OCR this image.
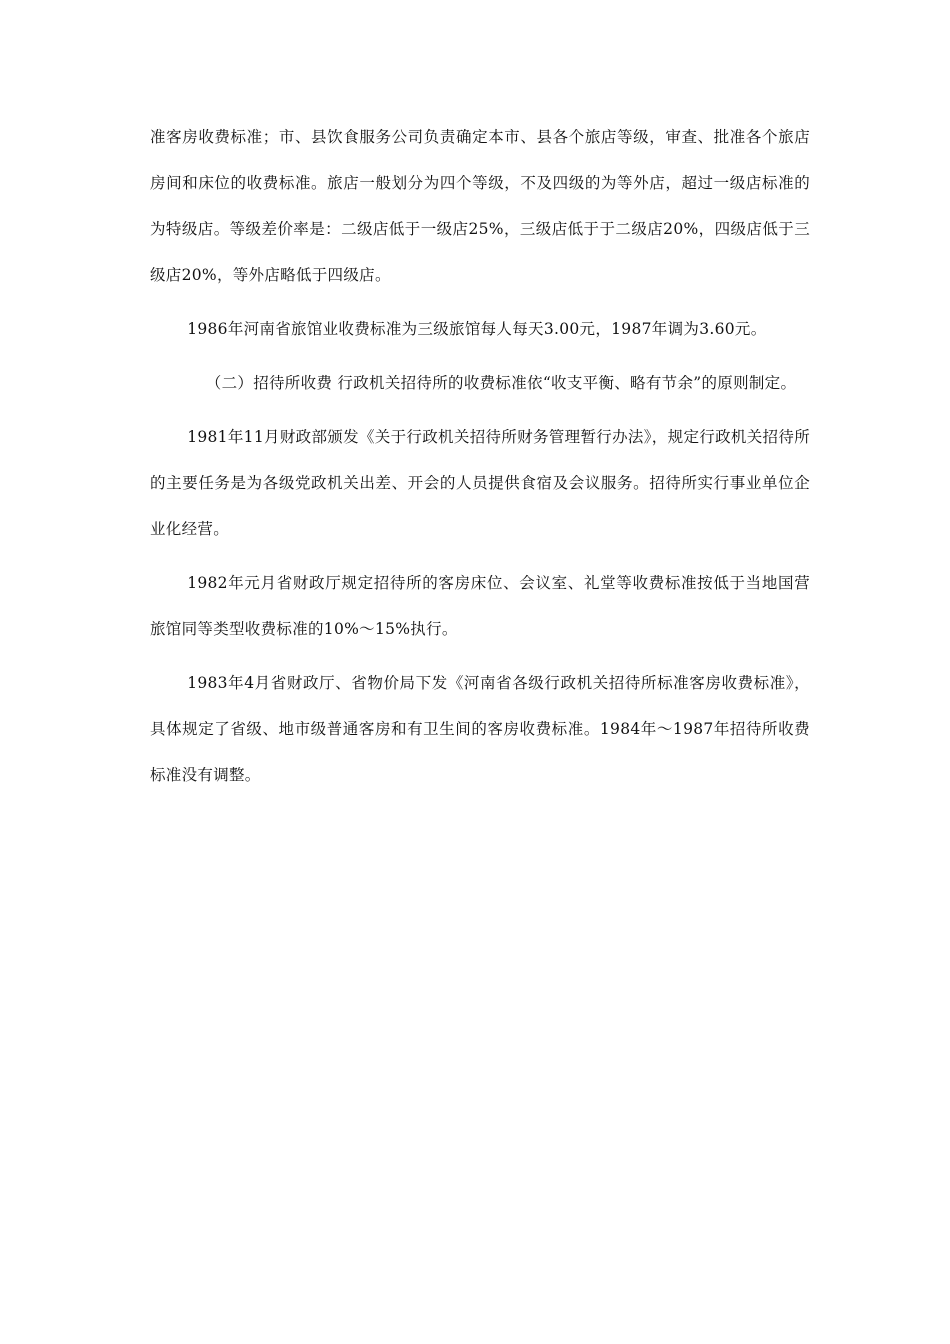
准客房收费标准；市、县饮食服务公司负责确定本市、县各个旅店等级，审查、批准各个旅店房间和床位的收费标准。旅店一般划分为四个等级，不及四级的为等外店，超过一级店标准的为特级店。等级差价率是：二级店低于一级店25%，三级店低于于二级店20%，四级店低于三级店20%，等外店略低于四级店。

1986年河南省旅馆业收费标准为三级旅馆每人每天3.00元，1987年调为3.60元。

（二）招待所收费 行政机关招待所的收费标准依“收支平衡、略有节余”的原则制定。

1981年11月财政部颁发《关于行政机关招待所财务管理暂行办法》，规定行政机关招待所的主要任务是为各级党政机关出差、开会的人员提供食宿及会议服务。招待所实行事业单位企业化经营。

1982年元月省财政厅规定招待所的客房床位、会议室、礼堂等收费标准按低于当地国营旅馆同等类型收费标准的10%～15%执行。

1983年4月省财政厅、省物价局下发《河南省各级行政机关招待所标准客房收费标准》，具体规定了省级、地市级普通客房和有卫生间的客房收费标准。1984年～1987年招待所收费标准没有调整。
